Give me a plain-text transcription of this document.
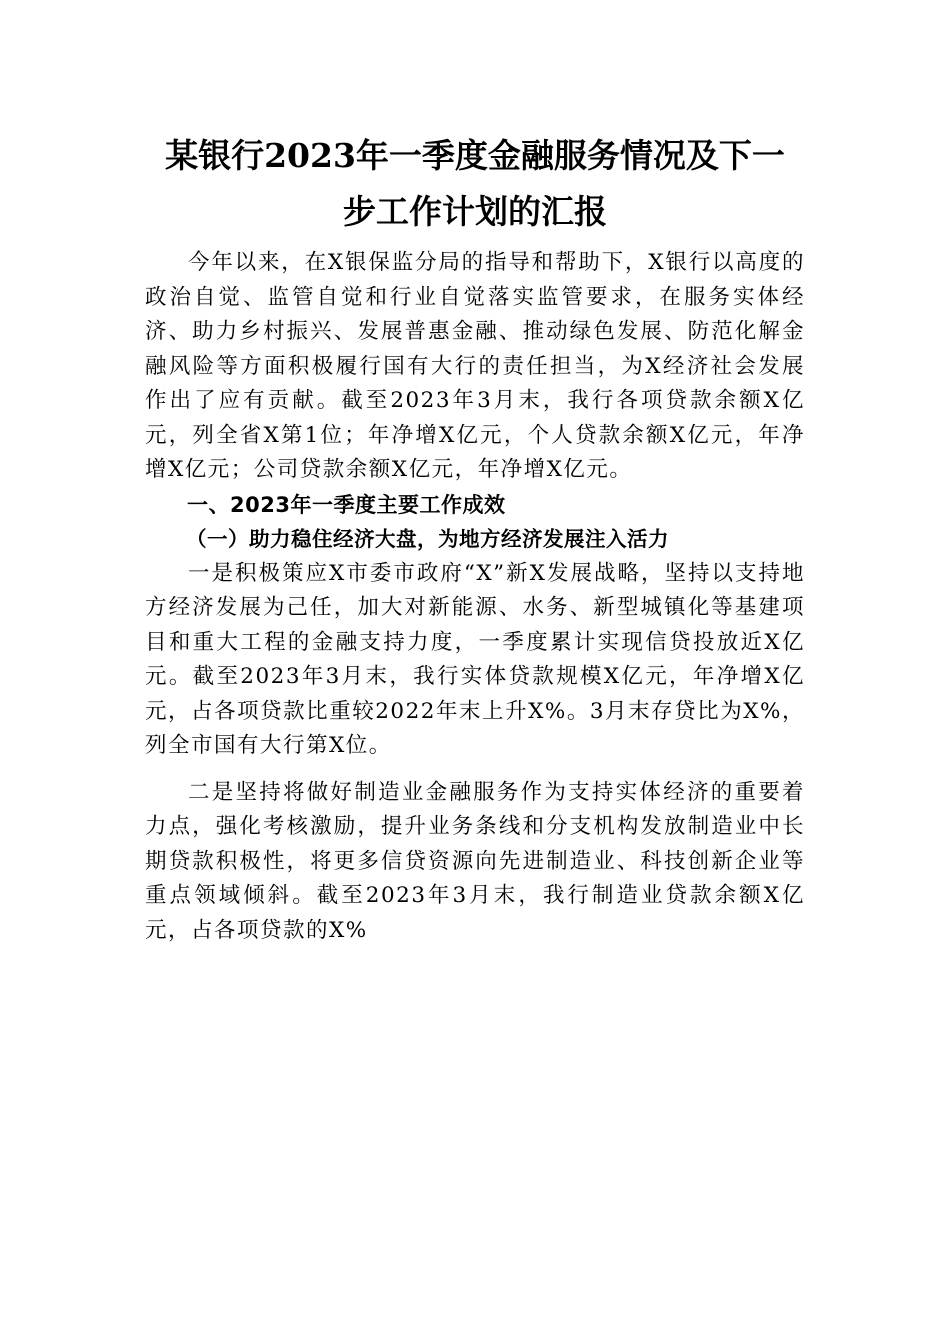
某银行2023年一季度金融服务情况及下一
步工作计划的汇报

今年以来，在X银保监分局的指导和帮助下，X银行以高度的政治自觉、监管自觉和行业自觉落实监管要求，在服务实体经济、助力乡村振兴、发展普惠金融、推动绿色发展、防范化解金融风险等方面积极履行国有大行的责任担当，为X经济社会发展作出了应有贡献。截至2023年3月末，我行各项贷款余额X亿元，列全省X第1位；年净增X亿元，个人贷款余额X亿元，年净增X亿元；公司贷款余额X亿元，年净增X亿元。

一、2023年一季度主要工作成效

（一）助力稳住经济大盘，为地方经济发展注入活力

一是积极策应X市委市政府“X”新X发展战略，坚持以支持地方经济发展为己任，加大对新能源、水务、新型城镇化等基建项目和重大工程的金融支持力度，一季度累计实现信贷投放近X亿元。截至2023年3月末，我行实体贷款规模X亿元，年净增X亿元，占各项贷款比重较2022年末上升X%。3月末存贷比为X%，列全市国有大行第X位。

二是坚持将做好制造业金融服务作为支持实体经济的重要着力点，强化考核激励，提升业务条线和分支机构发放制造业中长期贷款积极性，将更多信贷资源向先进制造业、科技创新企业等重点领域倾斜。截至2023年3月末，我行制造业贷款余额X亿元，占各项贷款的X%
